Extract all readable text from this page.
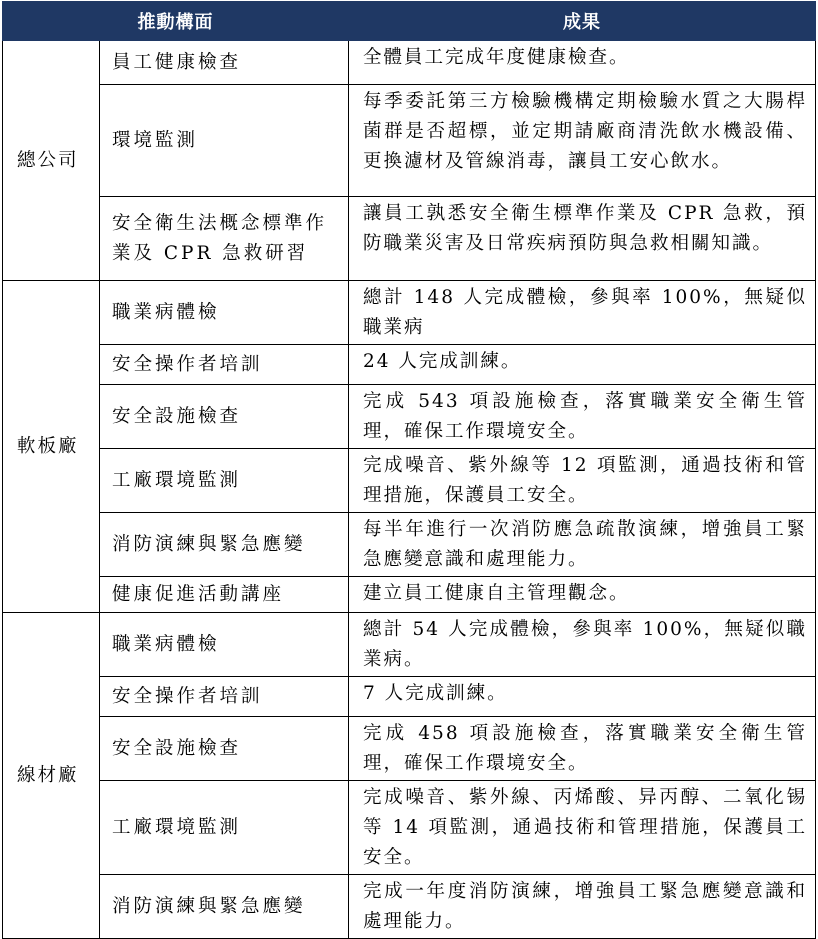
推動構面		成果
總公司	員工健康檢查	全體員工完成年度健康檢查。
	環境監測	每季委託第三方檢驗機構定期檢驗水質之大腸桿菌群是否超標，並定期請廠商清洗飲水機設備、更換濾材及管線消毒，讓員工安心飲水。
	安全衛生法概念標準作業及 CPR 急救研習	讓員工孰悉安全衛生標準作業及 CPR 急救，預防職業災害及日常疾病預防與急救相關知識。
軟板廠	職業病體檢	總計 148 人完成體檢，參與率 100%，無疑似職業病
	安全操作者培訓	24 人完成訓練。
	安全設施檢查	完成 543 項設施檢查，落實職業安全衛生管理，確保工作環境安全。
	工廠環境監測	完成噪音、紫外線等 12 項監測，通過技術和管理措施，保護員工安全。
	消防演練與緊急應變	每半年進行一次消防應急疏散演練，增強員工緊急應變意識和處理能力。
	健康促進活動講座	建立員工健康自主管理觀念。
線材廠	職業病體檢	總計 54 人完成體檢，參與率 100%，無疑似職業病。
	安全操作者培訓	7 人完成訓練。
	安全設施檢查	完成 458 項設施檢查，落實職業安全衛生管理，確保工作環境安全。
	工廠環境監測	完成噪音、紫外線、丙烯酸、异丙醇、二氧化锡等 14 項監測，通過技術和管理措施，保護員工安全。
	消防演練與緊急應變	完成一年度消防演練，增強員工緊急應變意識和處理能力。
